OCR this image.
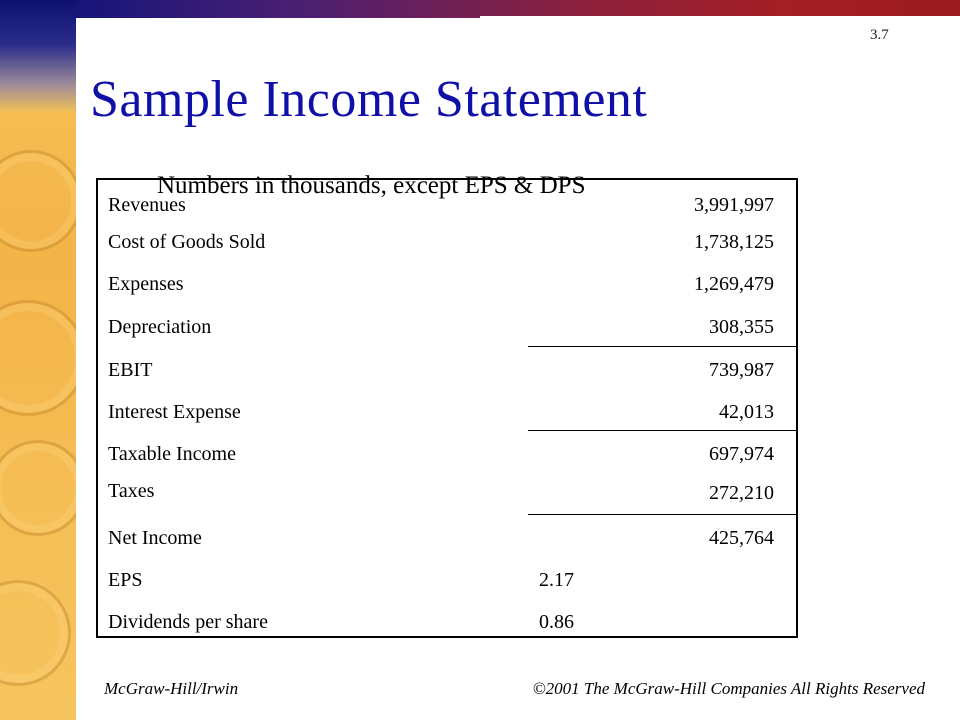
3.7
Sample Income Statement
Revenues	3,991,997
Cost of Goods Sold	1,738,125
Expenses	1,269,479
Depreciation	308,355
EBIT	739,987
Interest Expense	42,013
Taxable Income	697,974
Taxes	272,210
Net Income	425,764
EPS	2.17
Dividends per share	0.86
Numbers in thousands, except EPS & DPS
McGraw-Hill/Irwin	©2001 The McGraw-Hill Companies All Rights Reserved
